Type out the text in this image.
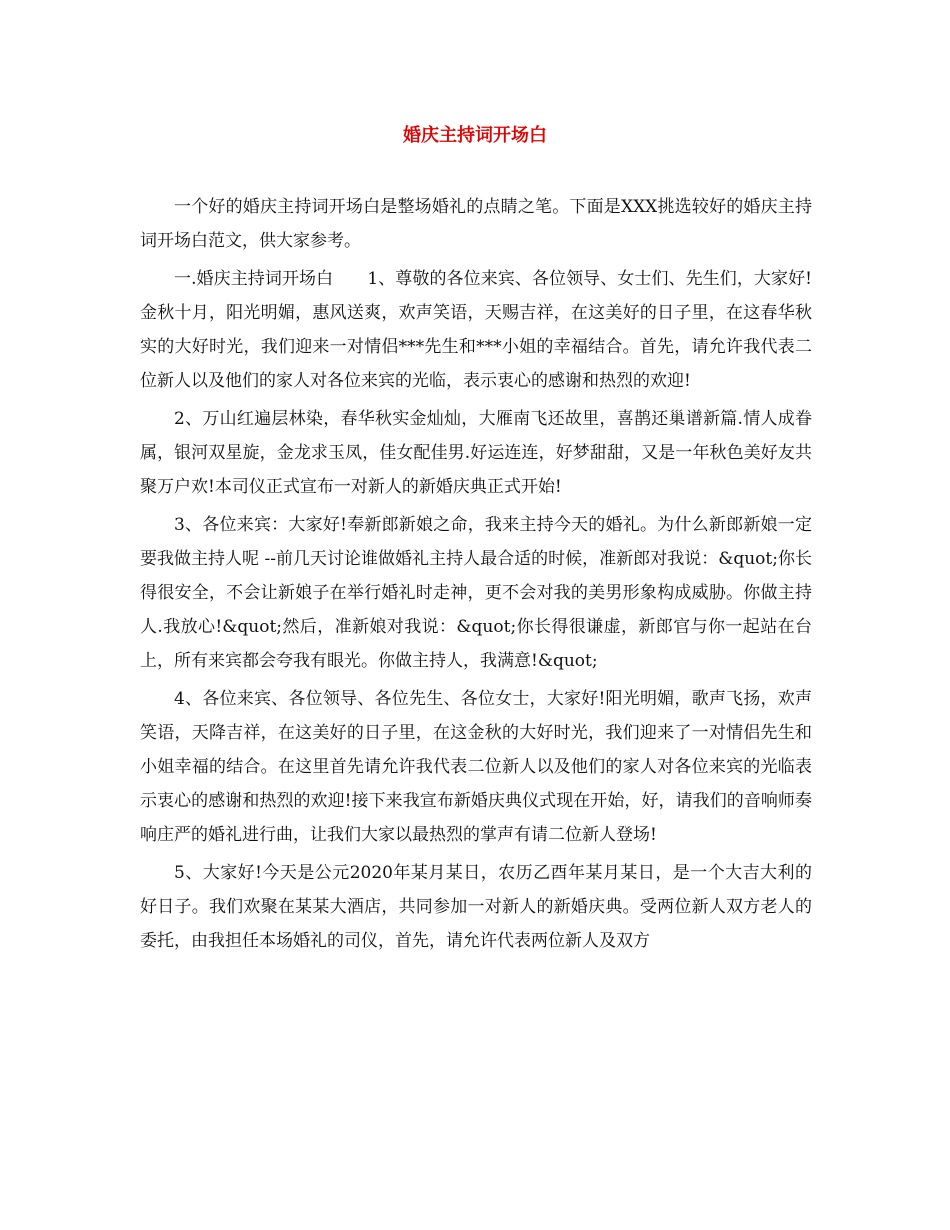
婚庆主持词开场白

一个好的婚庆主持词开场白是整场婚礼的点睛之笔。下面是XXX挑选较好的婚庆主持词开场白范文，供大家参考。

一.婚庆主持词开场白　　1、尊敬的各位来宾、各位领导、女士们、先生们，大家好!金秋十月，阳光明媚，惠风送爽，欢声笑语，天赐吉祥，在这美好的日子里，在这春华秋实的大好时光，我们迎来一对情侣***先生和***小姐的幸福结合。首先，请允许我代表二位新人以及他们的家人对各位来宾的光临，表示衷心的感谢和热烈的欢迎!

2、万山红遍层林染，春华秋实金灿灿，大雁南飞还故里，喜鹊还巢谱新篇.情人成眷属，银河双星旋，金龙求玉凤，佳女配佳男.好运连连，好梦甜甜，又是一年秋色美好友共聚万户欢!本司仪正式宣布一对新人的新婚庆典正式开始!

3、各位来宾：大家好!奉新郎新娘之命，我来主持今天的婚礼。为什么新郎新娘一定要我做主持人呢 --前几天讨论谁做婚礼主持人最合适的时候，准新郎对我说：&quot;你长得很安全，不会让新娘子在举行婚礼时走神，更不会对我的美男形象构成威胁。你做主持人.我放心!&quot;然后，准新娘对我说：&quot;你长得很谦虚，新郎官与你一起站在台上，所有来宾都会夸我有眼光。你做主持人，我满意!&quot;

4、各位来宾、各位领导、各位先生、各位女士，大家好!阳光明媚，歌声飞扬，欢声笑语，天降吉祥，在这美好的日子里，在这金秋的大好时光，我们迎来了一对情侣先生和小姐幸福的结合。在这里首先请允许我代表二位新人以及他们的家人对各位来宾的光临表示衷心的感谢和热烈的欢迎!接下来我宣布新婚庆典仪式现在开始，好，请我们的音响师奏响庄严的婚礼进行曲，让我们大家以最热烈的掌声有请二位新人登场!

5、大家好!今天是公元2020年某月某日，农历乙酉年某月某日，是一个大吉大利的好日子。我们欢聚在某某大酒店，共同参加一对新人的新婚庆典。受两位新人双方老人的委托，由我担任本场婚礼的司仪，首先，请允许代表两位新人及双方
